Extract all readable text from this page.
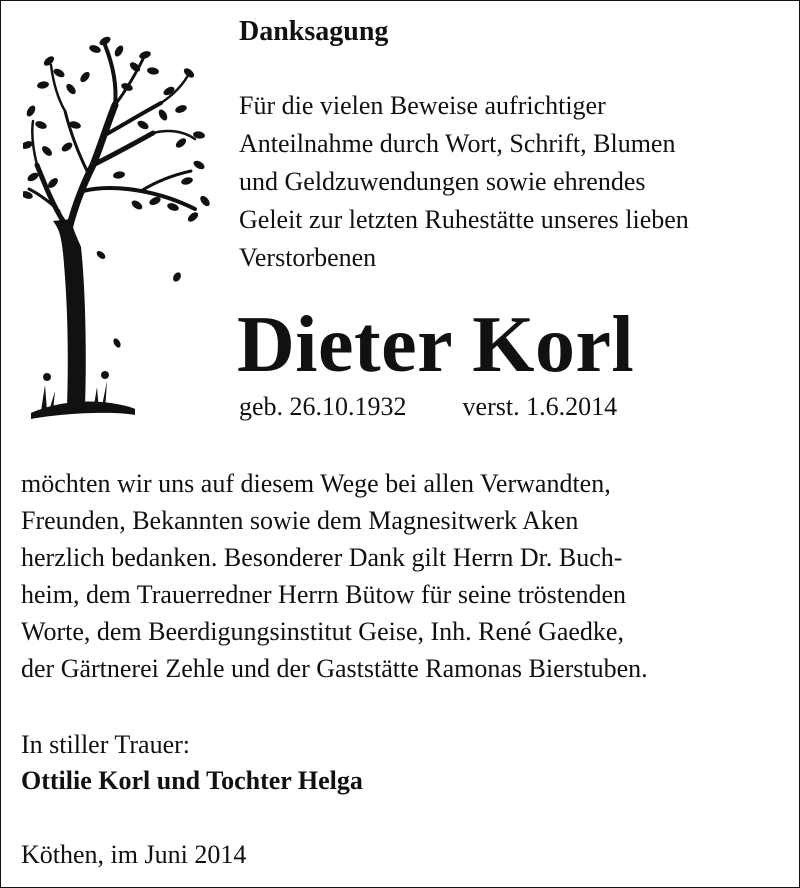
Danksagung
Für die vielen Beweise aufrichtiger
Anteilnahme durch Wort, Schrift, Blumen
und Geldzuwendungen sowie ehrendes
Geleit zur letzten Ruhestätte unseres lieben
Verstorbenen
Dieter Korl
geb. 26.10.1932 verst. 1.6.2014
möchten wir uns auf diesem Wege bei allen Verwandten,
Freunden, Bekannten sowie dem Magnesitwerk Aken
herzlich bedanken. Besonderer Dank gilt Herrn Dr. Buch-
heim, dem Trauerredner Herrn Bütow für seine tröstenden
Worte, dem Beerdigungsinstitut Geise, Inh. René Gaedke,
der Gärtnerei Zehle und der Gaststätte Ramonas Bierstuben.
In stiller Trauer:
Ottilie Korl und Tochter Helga
Köthen, im Juni 2014
